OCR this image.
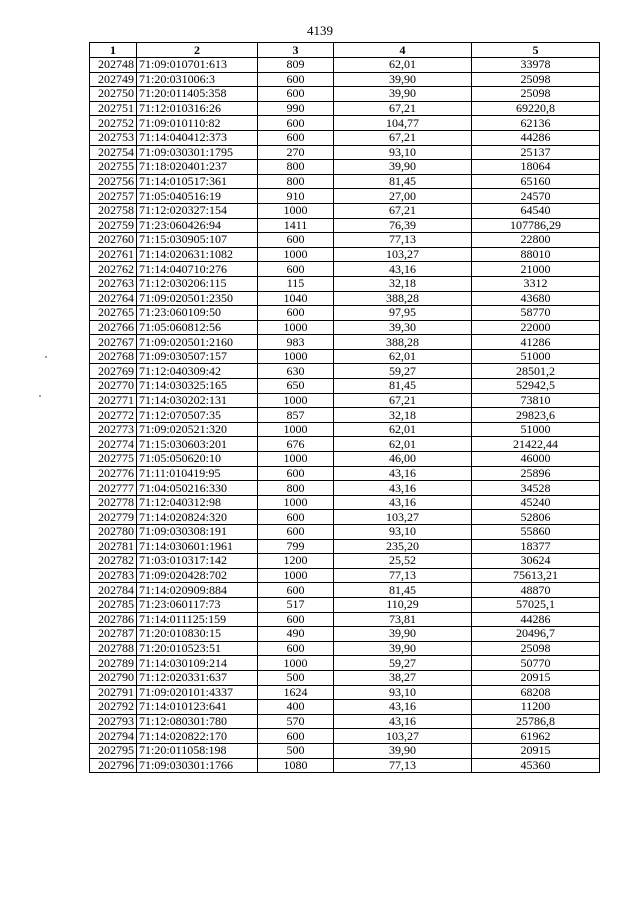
4139
1	2	3	4	5
202748	71:09:010701:613	809	62,01	33978
202749	71:20:031006:3	600	39,90	25098
202750	71:20:011405:358	600	39,90	25098
202751	71:12:010316:26	990	67,21	69220,8
202752	71:09:010110:82	600	104,77	62136
202753	71:14:040412:373	600	67,21	44286
202754	71:09:030301:1795	270	93,10	25137
202755	71:18:020401:237	800	39,90	18064
202756	71:14:010517:361	800	81,45	65160
202757	71:05:040516:19	910	27,00	24570
202758	71:12:020327:154	1000	67,21	64540
202759	71:23:060426:94	1411	76,39	107786,29
202760	71:15:030905:107	600	77,13	22800
202761	71:14:020631:1082	1000	103,27	88010
202762	71:14:040710:276	600	43,16	21000
202763	71:12:030206:115	115	32,18	3312
202764	71:09:020501:2350	1040	388,28	43680
202765	71:23:060109:50	600	97,95	58770
202766	71:05:060812:56	1000	39,30	22000
202767	71:09:020501:2160	983	388,28	41286
202768	71:09:030507:157	1000	62,01	51000
202769	71:12:040309:42	630	59,27	28501,2
202770	71:14:030325:165	650	81,45	52942,5
202771	71:14:030202:131	1000	67,21	73810
202772	71:12:070507:35	857	32,18	29823,6
202773	71:09:020521:320	1000	62,01	51000
202774	71:15:030603:201	676	62,01	21422,44
202775	71:05:050620:10	1000	46,00	46000
202776	71:11:010419:95	600	43,16	25896
202777	71:04:050216:330	800	43,16	34528
202778	71:12:040312:98	1000	43,16	45240
202779	71:14:020824:320	600	103,27	52806
202780	71:09:030308:191	600	93,10	55860
202781	71:14:030601:1961	799	235,20	18377
202782	71:03:010317:142	1200	25,52	30624
202783	71:09:020428:702	1000	77,13	75613,21
202784	71:14:020909:884	600	81,45	48870
202785	71:23:060117:73	517	110,29	57025,1
202786	71:14:011125:159	600	73,81	44286
202787	71:20:010830:15	490	39,90	20496,7
202788	71:20:010523:51	600	39,90	25098
202789	71:14:030109:214	1000	59,27	50770
202790	71:12:020331:637	500	38,27	20915
202791	71:09:020101:4337	1624	93,10	68208
202792	71:14:010123:641	400	43,16	11200
202793	71:12:080301:780	570	43,16	25786,8
202794	71:14:020822:170	600	103,27	61962
202795	71:20:011058:198	500	39,90	20915
202796	71:09:030301:1766	1080	77,13	45360
